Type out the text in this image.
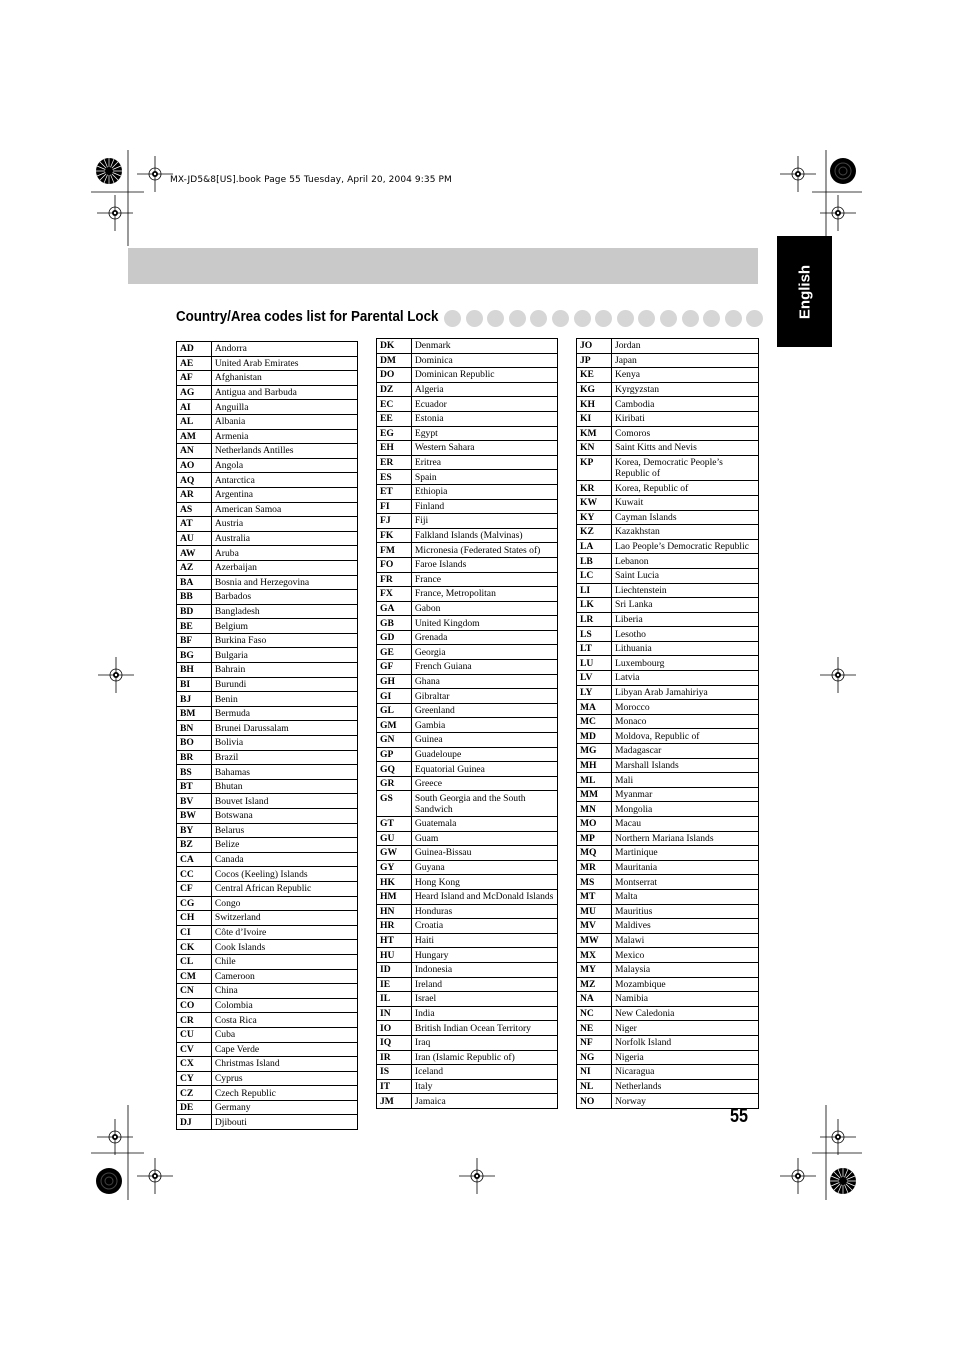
MX-JD5&8[US].book Page 55 Tuesday, April 20, 2004 9:35 PM
English
Country/Area codes list for Parental Lock
AD	Andorra
AE	United Arab Emirates
AF	Afghanistan
AG	Antigua and Barbuda
AI	Anguilla
AL	Albania
AM	Armenia
AN	Netherlands Antilles
AO	Angola
AQ	Antarctica
AR	Argentina
AS	American Samoa
AT	Austria
AU	Australia
AW	Aruba
AZ	Azerbaijan
BA	Bosnia and Herzegovina
BB	Barbados
BD	Bangladesh
BE	Belgium
BF	Burkina Faso
BG	Bulgaria
BH	Bahrain
BI	Burundi
BJ	Benin
BM	Bermuda
BN	Brunei Darussalam
BO	Bolivia
BR	Brazil
BS	Bahamas
BT	Bhutan
BV	Bouvet Island
BW	Botswana
BY	Belarus
BZ	Belize
CA	Canada
CC	Cocos (Keeling) Islands
CF	Central African Republic
CG	Congo
CH	Switzerland
CI	Côte d’Ivoire
CK	Cook Islands
CL	Chile
CM	Cameroon
CN	China
CO	Colombia
CR	Costa Rica
CU	Cuba
CV	Cape Verde
CX	Christmas Island
CY	Cyprus
CZ	Czech Republic
DE	Germany
DJ	Djibouti
DK	Denmark
DM	Dominica
DO	Dominican Republic
DZ	Algeria
EC	Ecuador
EE	Estonia
EG	Egypt
EH	Western Sahara
ER	Eritrea
ES	Spain
ET	Ethiopia
FI	Finland
FJ	Fiji
FK	Falkland Islands (Malvinas)
FM	Micronesia (Federated States of)
FO	Faroe Islands
FR	France
FX	France, Metropolitan
GA	Gabon
GB	United Kingdom
GD	Grenada
GE	Georgia
GF	French Guiana
GH	Ghana
GI	Gibraltar
GL	Greenland
GM	Gambia
GN	Guinea
GP	Guadeloupe
GQ	Equatorial Guinea
GR	Greece
GS	South Georgia and the South Sandwich
GT	Guatemala
GU	Guam
GW	Guinea-Bissau
GY	Guyana
HK	Hong Kong
HM	Heard Island and McDonald Islands
HN	Honduras
HR	Croatia
HT	Haiti
HU	Hungary
ID	Indonesia
IE	Ireland
IL	Israel
IN	India
IO	British Indian Ocean Territory
IQ	Iraq
IR	Iran (Islamic Republic of)
IS	Iceland
IT	Italy
JM	Jamaica
JO	Jordan
JP	Japan
KE	Kenya
KG	Kyrgyzstan
KH	Cambodia
KI	Kiribati
KM	Comoros
KN	Saint Kitts and Nevis
KP	Korea, Democratic People’s Republic of
KR	Korea, Republic of
KW	Kuwait
KY	Cayman Islands
KZ	Kazakhstan
LA	Lao People’s Democratic Republic
LB	Lebanon
LC	Saint Lucia
LI	Liechtenstein
LK	Sri Lanka
LR	Liberia
LS	Lesotho
LT	Lithuania
LU	Luxembourg
LV	Latvia
LY	Libyan Arab Jamahiriya
MA	Morocco
MC	Monaco
MD	Moldova, Republic of
MG	Madagascar
MH	Marshall Islands
ML	Mali
MM	Myanmar
MN	Mongolia
MO	Macau
MP	Northern Mariana Islands
MQ	Martinique
MR	Mauritania
MS	Montserrat
MT	Malta
MU	Mauritius
MV	Maldives
MW	Malawi
MX	Mexico
MY	Malaysia
MZ	Mozambique
NA	Namibia
NC	New Caledonia
NE	Niger
NF	Norfolk Island
NG	Nigeria
NI	Nicaragua
NL	Netherlands
NO	Norway
55
